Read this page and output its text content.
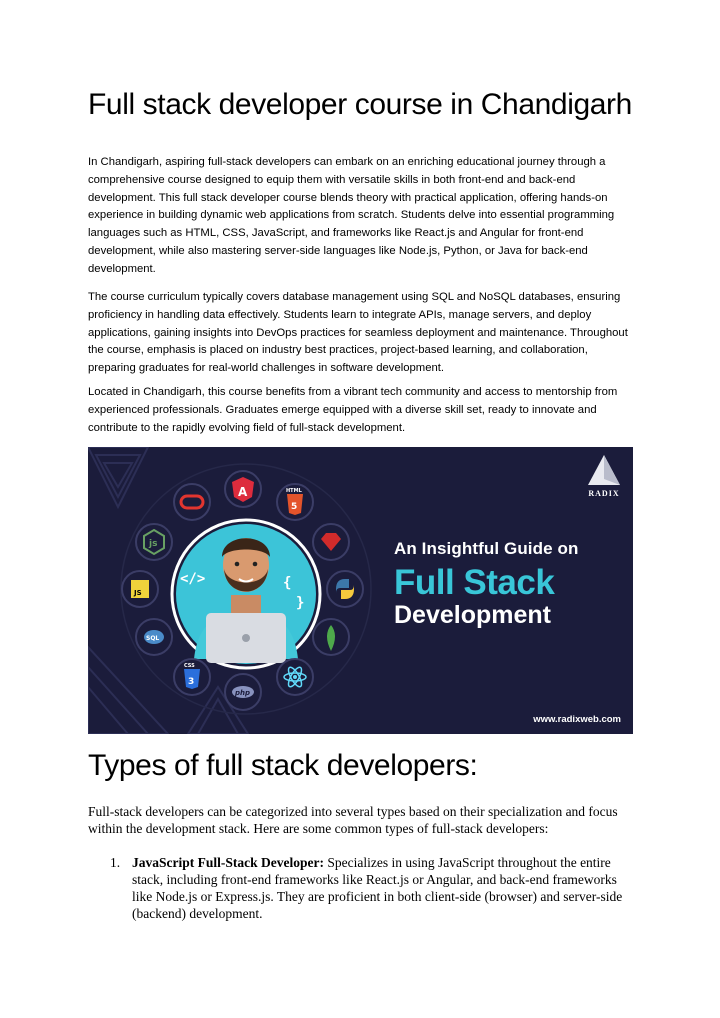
Full stack developer course in Chandigarh

In Chandigarh, aspiring full-stack developers can embark on an enriching educational journey through a comprehensive course designed to equip them with versatile skills in both front-end and back-end development. This full stack developer course blends theory with practical application, offering hands-on experience in building dynamic web applications from scratch. Students delve into essential programming languages such as HTML, CSS, JavaScript, and frameworks like React.js and Angular for front-end development, while also mastering server-side languages like Node.js, Python, or Java for back-end development.

The course curriculum typically covers database management using SQL and NoSQL databases, ensuring proficiency in handling data effectively. Students learn to integrate APIs, manage servers, and deploy applications, gaining insights into DevOps practices for seamless deployment and maintenance. Throughout the course, emphasis is placed on industry best practices, project-based learning, and collaboration, preparing graduates for real-world challenges in software development.

Located in Chandigarh, this course benefits from a vibrant tech community and access to mentorship from experienced professionals. Graduates emerge equipped with a diverse skill set, ready to innovate and contribute to the rapidly evolving field of full-stack development.

</>	{
}
A	HTML
5
js
JS
SQL
CSS
3
php
RADIX
An Insightful Guide on
Full Stack
Development
www.radixweb.com
Types of full stack developers:

Full-stack developers can be categorized into several types based on their specialization and focus within the development stack. Here are some common types of full-stack developers:

1. JavaScript Full-Stack Developer: Specializes in using JavaScript throughout the entire stack, including front-end frameworks like React.js or Angular, and back-end frameworks like Node.js or Express.js. They are proficient in both client-side (browser) and server-side (backend) development.
